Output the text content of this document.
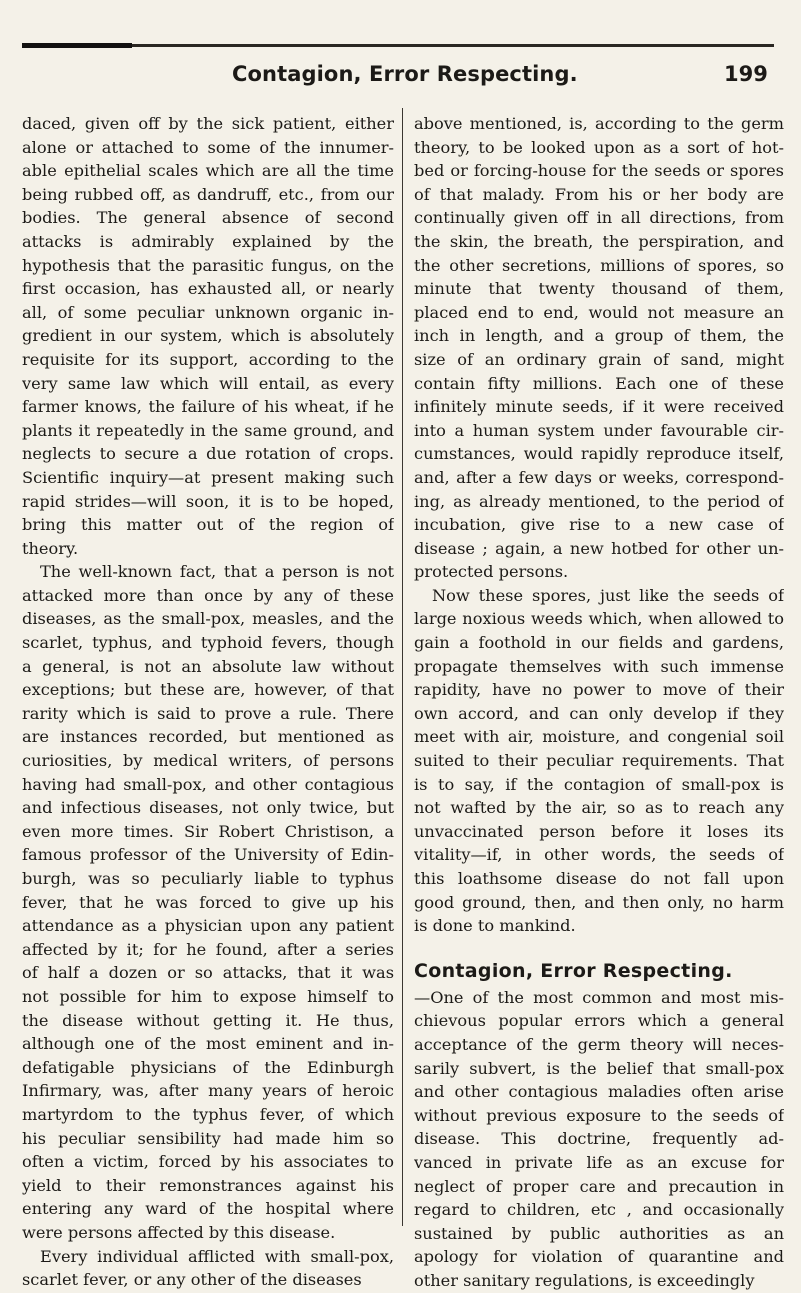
Contagion, Error Respecting.	199
daced, given off by the sick patient, either
alone or attached to some of the innumer-
able epithelial scales which are all the time
being rubbed off, as dandruff, etc., from our
bodies. The general absence of second
attacks is admirably explained by the
hypothesis that the parasitic fungus, on the
first occasion, has exhausted all, or nearly
all, of some peculiar unknown organic in-
gredient in our system, which is absolutely
requisite for its support, according to the
very same law which will entail, as every
farmer knows, the failure of his wheat, if he
plants it repeatedly in the same ground, and
neglects to secure a due rotation of crops.
Scientific inquiry—at present making such
rapid strides—will soon, it is to be hoped,
bring this matter out of the region of
theory.
The well-known fact, that a person is not
attacked more than once by any of these
diseases, as the small-pox, measles, and the
scarlet, typhus, and typhoid fevers, though
a general, is not an absolute law without
exceptions; but these are, however, of that
rarity which is said to prove a rule. There
are instances recorded, but mentioned as
curiosities, by medical writers, of persons
having had small-pox, and other contagious
and infectious diseases, not only twice, but
even more times. Sir Robert Christison, a
famous professor of the University of Edin-
burgh, was so peculiarly liable to typhus
fever, that he was forced to give up his
attendance as a physician upon any patient
affected by it; for he found, after a series
of half a dozen or so attacks, that it was
not possible for him to expose himself to
the disease without getting it. He thus,
although one of the most eminent and in-
defatigable physicians of the Edinburgh
Infirmary, was, after many years of heroic
martyrdom to the typhus fever, of which
his peculiar sensibility had made him so
often a victim, forced by his associates to
yield to their remonstrances against his
entering any ward of the hospital where
were persons affected by this disease.
Every individual afflicted with small-pox,
scarlet fever, or any other of the diseases
above mentioned, is, according to the germ
theory, to be looked upon as a sort of hot-
bed or forcing-house for the seeds or spores
of that malady. From his or her body are
continually given off in all directions, from
the skin, the breath, the perspiration, and
the other secretions, millions of spores, so
minute that twenty thousand of them,
placed end to end, would not measure an
inch in length, and a group of them, the
size of an ordinary grain of sand, might
contain fifty millions. Each one of these
infinitely minute seeds, if it were received
into a human system under favourable cir-
cumstances, would rapidly reproduce itself,
and, after a few days or weeks, correspond-
ing, as already mentioned, to the period of
incubation, give rise to a new case of
disease ; again, a new hotbed for other un-
protected persons.
Now these spores, just like the seeds of
large noxious weeds which, when allowed to
gain a foothold in our fields and gardens,
propagate themselves with such immense
rapidity, have no power to move of their
own accord, and can only develop if they
meet with air, moisture, and congenial soil
suited to their peculiar requirements. That
is to say, if the contagion of small-pox is
not wafted by the air, so as to reach any
unvaccinated person before it loses its
vitality—if, in other words, the seeds of
this loathsome disease do not fall upon
good ground, then, and then only, no harm
is done to mankind.
Contagion, Error Respecting.
—One of the most common and most mis-
chievous popular errors which a general
acceptance of the germ theory will neces-
sarily subvert, is the belief that small-pox
and other contagious maladies often arise
without previous exposure to the seeds of
disease. This doctrine, frequently ad-
vanced in private life as an excuse for
neglect of proper care and precaution in
regard to children, etc , and occasionally
sustained by public authorities as an
apology for violation of quarantine and
other sanitary regulations, is exceedingly
